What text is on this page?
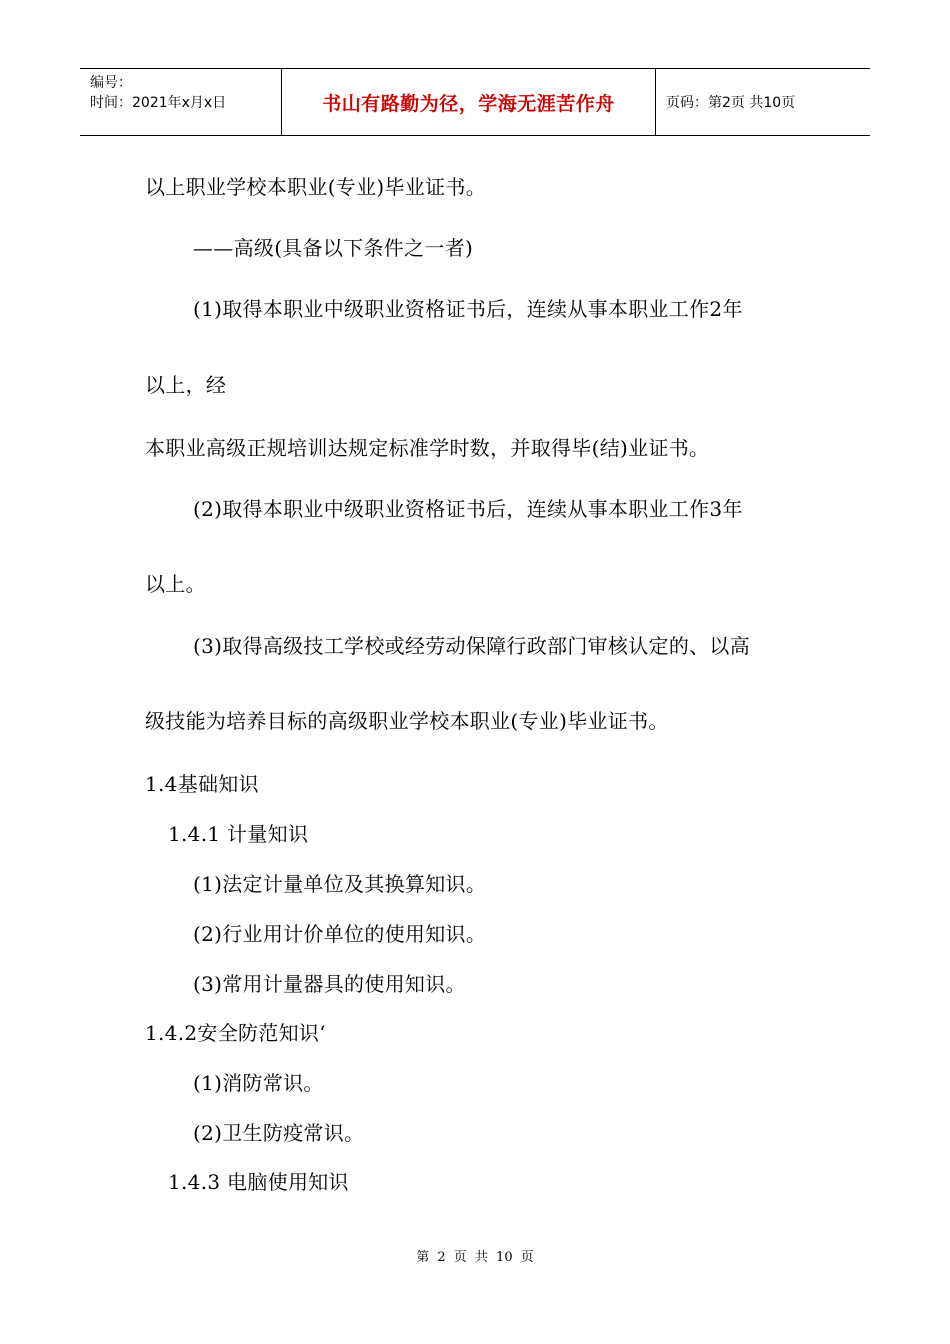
编号：
时间：2021年x月x日	书山有路勤为径，学海无涯苦作舟	页码：第2页 共10页
以上职业学校本职业(专业)毕业证书。
——高级(具备以下条件之一者)
(1)取得本职业中级职业资格证书后，连续从事本职业工作2年
以上，经
本职业高级正规培训达规定标准学时数，并取得毕(结)业证书。
(2)取得本职业中级职业资格证书后，连续从事本职业工作3年
以上。
(3)取得高级技工学校或经劳动保障行政部门审核认定的、以高
级技能为培养目标的高级职业学校本职业(专业)毕业证书。
1.4基础知识
1.4.1 计量知识
(1)法定计量单位及其换算知识。
(2)行业用计价单位的使用知识。
(3)常用计量器具的使用知识。
1.4.2安全防范知识‘
(1)消防常识。
(2)卫生防疫常识。
1.4.3 电脑使用知识
第 2 页 共 10 页
